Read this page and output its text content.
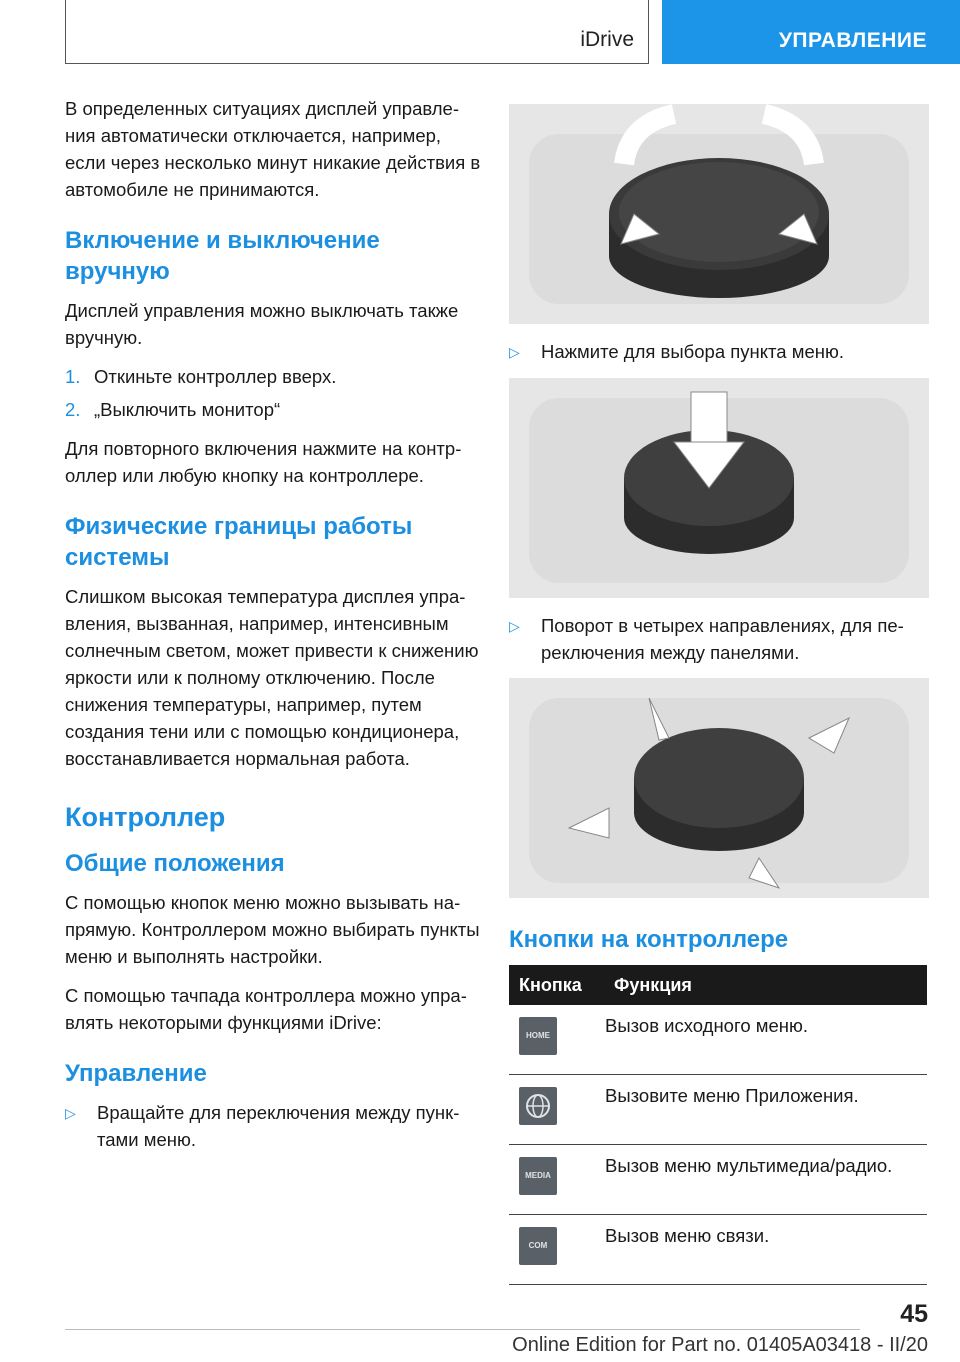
iDrive	УПРАВЛЕНИЕ

В определенных ситуациях дисплей управления автоматически отключается, например, если через несколько минут никакие действия в автомобиле не принимаются.

Включение и выключение вручную

Дисплей управления можно выключать также вручную.

1. Откиньте контроллер вверх.
2. „Выключить монитор“

Для повторного включения нажмите на контроллер или любую кнопку на контроллере.

Физические границы работы системы

Слишком высокая температура дисплея управления, вызванная, например, интенсивным солнечным светом, может привести к снижению яркости или к полному отключению. После снижения температуры, например, путем создания тени или с помощью кондиционера, восстанавливается нормальная работа.

Контроллер
Общие положения

С помощью кнопок меню можно вызывать напрямую. Контроллером можно выбирать пункты меню и выполнять настройки.

С помощью тачпада контроллера можно управлять некоторыми функциями iDrive:

Управление
▷	Вращайте для переключения между пунктами меню.
▷	Нажмите для выбора пункта меню.
▷	Поворот в четырех направлениях, для переключения между панелями.
Кнопки на контроллере
Кнопка	Функция
HOME	Вызов исходного меню.

	Вызовите меню Приложения.
MEDIA	Вызов меню мультимедиа/радио.
COM	Вызов меню связи.
45
Online Edition for Part no. 01405A03418 - II/20
